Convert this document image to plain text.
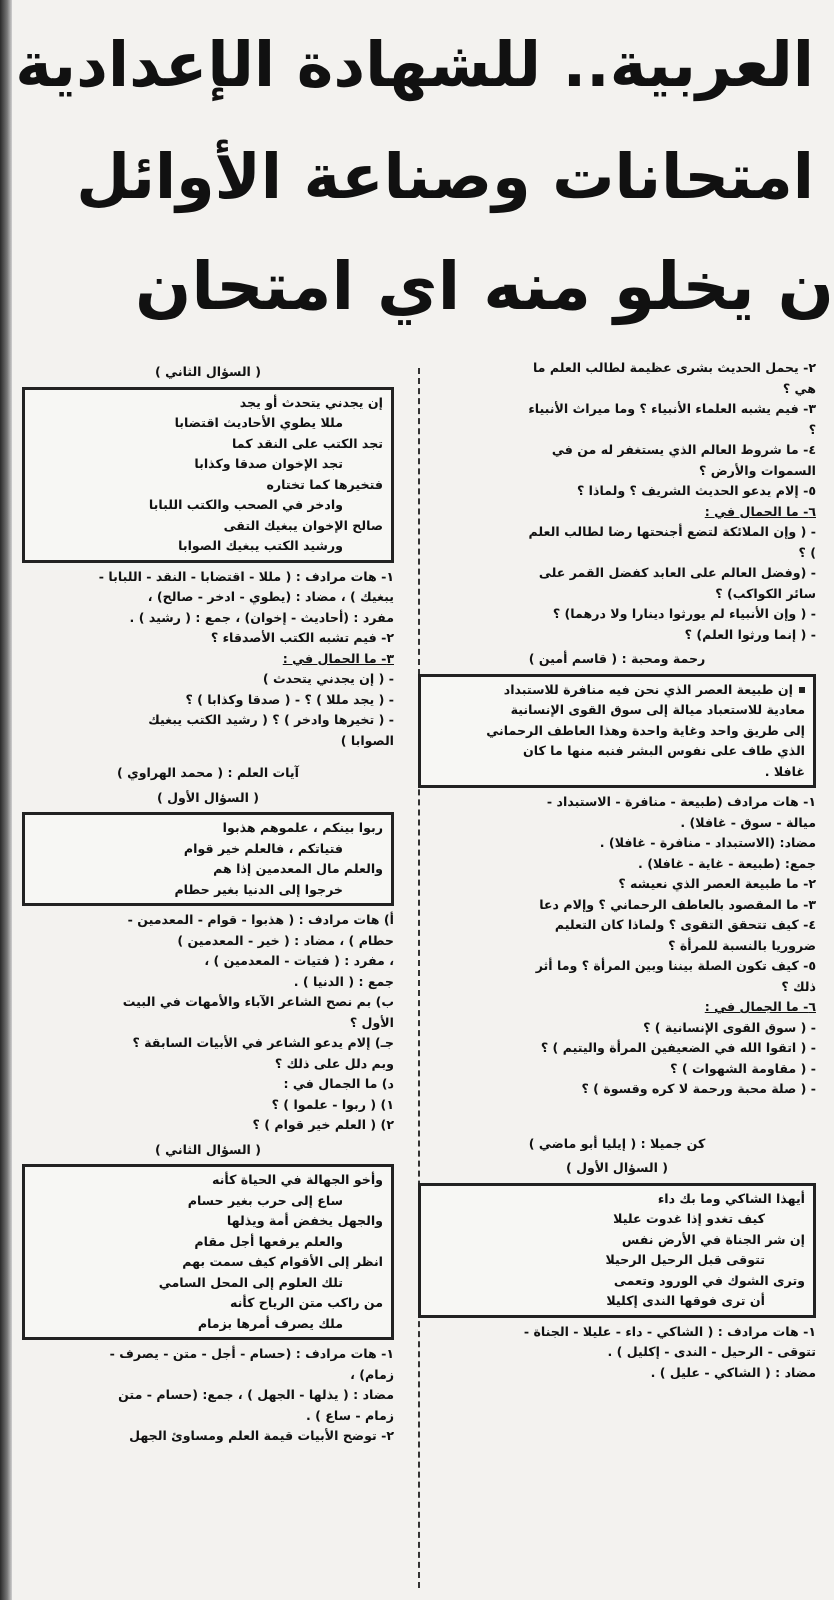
العربية.. للشهادة الإعدادية
امتحانات وصناعة الأوائل
ن يخلو منه اي امتحان
٢- يحمل الحديث بشرى عظيمة لطالب العلم ما
هي ؟
٣- فيم يشبه العلماء الأنبياء ؟ وما ميراث الأنبياء
؟
٤- ما شروط العالم الذي يستغفر له من في
السموات والأرض ؟
٥- إلام يدعو الحديث الشريف ؟ ولماذا ؟
٦- ما الجمال في :
- ( وإن الملائكة لتضع أجنحتها رضا لطالب العلم
) ؟
- (وفضل العالم على العابد كفضل القمر على
سائر الكواكب) ؟
- ( وإن الأنبياء لم يورثوا دينارا ولا درهما) ؟
- ( إنما ورثوا العلم) ؟
رحمة ومحبة : ( قاسم أمين )
إن طبيعة العصر الذي نحن فيه منافرة للاستبداد
معادية للاستعباد ميالة إلى سوق القوى الإنسانية
إلى طريق واحد وغاية واحدة وهذا العاطف الرحماني
الذي طاف على نفوس البشر فنبه منها ما كان
غافلا .
١- هات مرادف (طبيعة - منافرة - الاستبداد -
ميالة - سوق - غافلا) .
مضاد: (الاستبداد - منافرة - غافلا) .
جمع: (طبيعة - غاية - غافلا) .
٢- ما طبيعة العصر الذي نعيشه ؟
٣- ما المقصود بالعاطف الرحماني ؟ وإلام دعا
٤- كيف تتحقق التقوى ؟ ولماذا كان التعليم
ضروريا بالنسبة للمرأة ؟
٥- كيف تكون الصلة بيننا وبين المرأة ؟ وما أثر
ذلك ؟
٦- ما الجمال في :
- ( سوق القوى الإنسانية ) ؟
- ( اتقوا الله في الضعيفين المرأة واليتيم ) ؟
- ( مقاومة الشهوات ) ؟
- ( صلة محبة ورحمة لا كره وقسوة ) ؟
كن جميلا : ( إيليا أبو ماضي )
( السؤال الأول )
أيهذا الشاكي وما بك داء
كيف تغدو إذا غدوت عليلا
إن شر الجناة في الأرض نفس
تتوقى قبل الرحيل الرحيلا
وترى الشوك في الورود وتعمى
أن ترى فوقها الندى إكليلا
١- هات مرادف : ( الشاكي - داء - عليلا - الجناة -
تتوقى - الرحيل - الندى - إكليل ) .
مضاد : ( الشاكي - عليل ) .
( السؤال الثاني )
إن يجدني يتحدث أو يجد
مللا يطوي الأحاديث اقتضابا
تجد الكتب على النقد كما
تجد الإخوان صدقا وكذابا
فتخيرها كما تختاره
وادخر في الصحب والكتب اللبابا
صالح الإخوان يبغيك التقى
ورشيد الكتب يبغيك الصوابا
١- هات مرادف : ( مللا - اقتضابا - النقد - اللبابا -
يبغيك ) ، مضاد : (يطوي - ادخر - صالح) ،
مفرد : (أحاديث - إخوان) ، جمع : ( رشيد ) .
٢- فيم تشبه الكتب الأصدقاء ؟
٣- ما الجمال في :
- ( إن يجدني يتحدث )
- ( يجد مللا ) ؟ - ( صدقا وكذابا ) ؟
- ( تخيرها وادخر ) ؟ ( رشيد الكتب يبغيك
الصوابا )
آيات العلم : ( محمد الهراوي )
( السؤال الأول )
ربوا بينكم ، علموهم هذبوا
فتياتكم ، فالعلم خير قوام
والعلم مال المعدمين إذا هم
خرجوا إلى الدنيا بغير حطام
أ) هات مرادف : ( هذبوا - قوام - المعدمين -
حطام ) ، مضاد : ( خير - المعدمين )
، مفرد : ( فتيات - المعدمين ) ،
جمع : ( الدنيا ) .
ب) بم نصح الشاعر الآباء والأمهات في البيت
الأول ؟
جـ) إلام يدعو الشاعر في الأبيات السابقة ؟
وبم دلل على ذلك ؟
د) ما الجمال في :
١) ( ربوا - علموا ) ؟
٢) ( العلم خير قوام ) ؟
( السؤال الثاني )
وأخو الجهالة في الحياة كأنه
ساع إلى حرب بغير حسام
والجهل يخفض أمة ويذلها
والعلم يرفعها أجل مقام
انظر إلى الأقوام كيف سمت بهم
تلك العلوم إلى المحل السامي
من راكب متن الرياح كأنه
ملك يصرف أمرها بزمام
١- هات مرادف : (حسام - أجل - متن - يصرف -
زمام) ،
مضاد : ( يذلها - الجهل ) ، جمع: (حسام - متن
زمام - ساع ) .
٢- توضح الأبيات قيمة العلم ومساوئ الجهل
